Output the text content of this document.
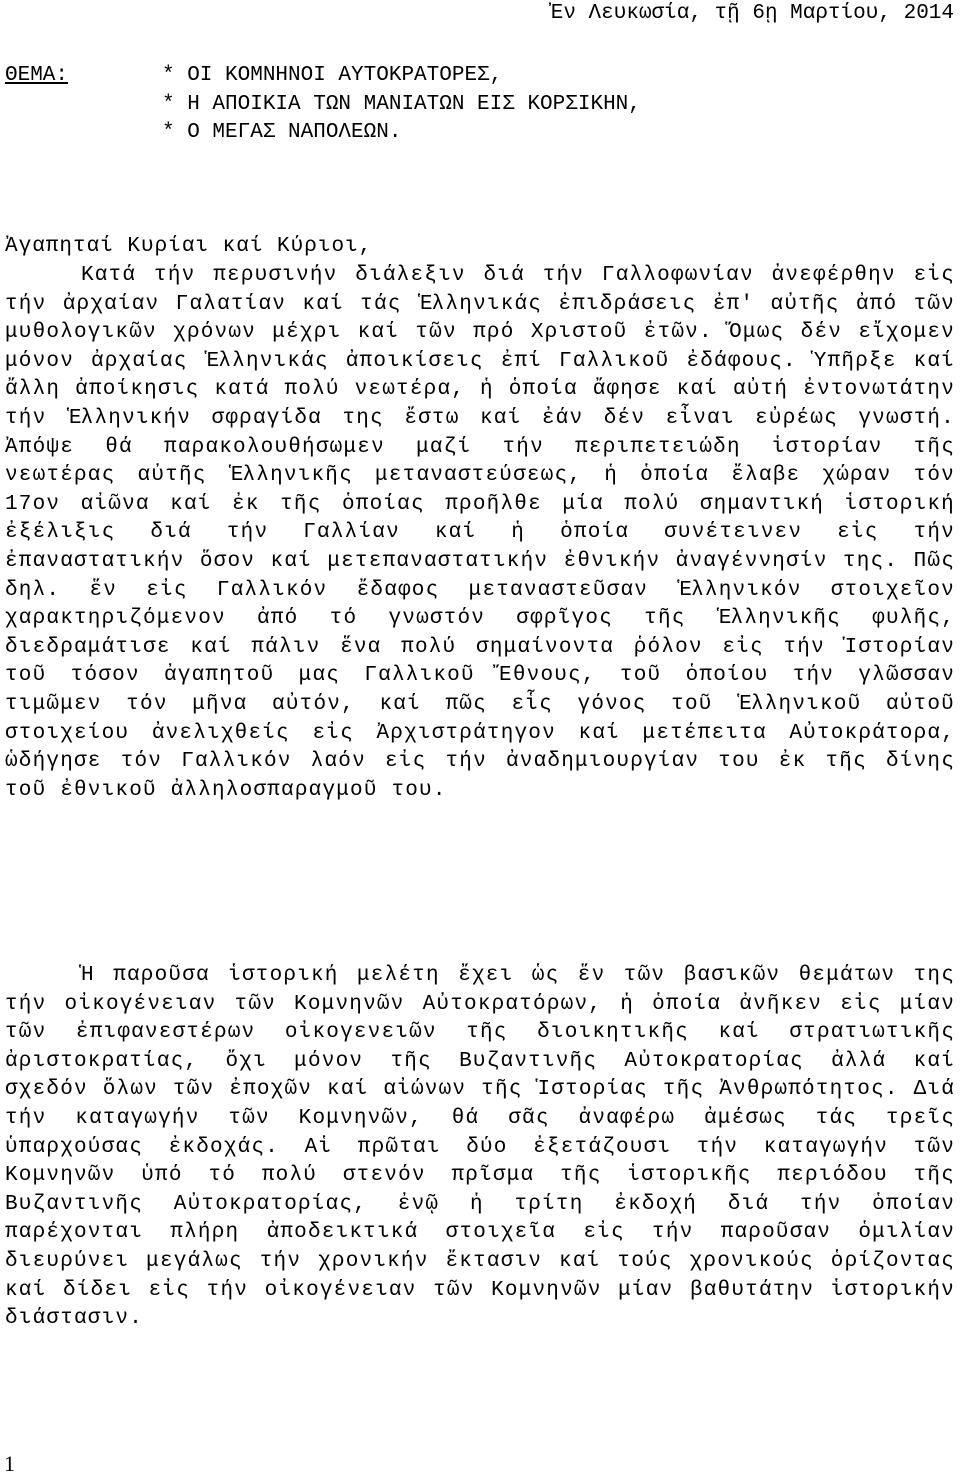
Ἐν Λευκωσία, τῇ 6ῃ Μαρτίου, 2014
ΘΕΜΑ:	* ΟΙ ΚΟΜΝΗΝΟΙ ΑΥΤΟΚΡΑΤΟΡΕΣ,
* Η ΑΠΟΙΚΙΑ ΤΩΝ ΜΑΝΙΑΤΩΝ ΕΙΣ ΚΟΡΣΙΚΗΝ,
* Ο ΜΕΓΑΣ ΝΑΠΟΛΕΩΝ.
Ἀγαπηταί Κυρίαι καί Κύριοι,
Κατά τήν περυσινήν διάλεξιν διά τήν Γαλλοφωνίαν ἀνεφέρθην εἰς τήν ἀρχαίαν Γαλατίαν καί τάς Ἑλληνικάς ἐπιδράσεις ἐπ' αὐτῆς ἀπό τῶν μυθολογικῶν χρόνων μέχρι καί τῶν πρό Χριστοῦ ἐτῶν. Ὅμως δέν εἴχομεν μόνον ἀρχαίας Ἑλληνικάς ἀποικίσεις ἐπί Γαλλικοῦ ἐδάφους. Ὑπῆρξε καί ἄλλη ἀποίκησις κατά πολύ νεωτέρα, ἡ ὁποία ἄφησε καί αὐτή ἐντονωτάτην τήν Ἑλληνικήν σφραγίδα της ἔστω καί ἐάν δέν εἶναι εὐρέως γνωστή. Ἀπόψε θά παρακολουθήσωμεν μαζί τήν περιπετειώδη ἱστορίαν τῆς νεωτέρας αὐτῆς Ἑλληνικῆς μεταναστεύσεως, ἡ ὁποία ἔλαβε χώραν τόν 17ον αἰῶνα καί ἐκ τῆς ὁποίας προῆλθε μία πολύ σημαντική ἱστορική ἐξέλιξις διά τήν Γαλλίαν καί ἡ ὁποία συνέτεινεν εἰς τήν ἐπαναστατικήν ὅσον καί μετεπαναστατικήν ἐθνικήν ἀναγέννησίν της. Πῶς δηλ. ἕν εἰς Γαλλικόν ἔδαφος μεταναστεῦσαν Ἑλληνικόν στοιχεῖον χαρακτηριζόμενον ἀπό τό γνωστόν σφρῖγος τῆς Ἑλληνικῆς φυλῆς, διεδραμάτισε καί πάλιν ἕνα πολύ σημαίνοντα ῥόλον εἰς τήν Ἱστορίαν τοῦ τόσον ἀγαπητοῦ μας Γαλλικοῦ Ἔθνους, τοῦ ὁποίου τήν γλῶσσαν τιμῶμεν τόν μῆνα αὐτόν, καί πῶς εἷς γόνος τοῦ Ἑλληνικοῦ αὐτοῦ στοιχείου ἀνελιχθείς εἰς Ἀρχιστράτηγον καί μετέπειτα Αὐτοκράτορα, ὡδήγησε τόν Γαλλικόν λαόν εἰς τήν ἀναδημιουργίαν του ἐκ τῆς δίνης τοῦ ἐθνικοῦ ἀλληλοσπαραγμοῦ του.
Ἡ παροῦσα ἱστορική μελέτη ἔχει ὡς ἕν τῶν βασικῶν θεμάτων της τήν οἰκογένειαν τῶν Κομνηνῶν Αὐτοκρατόρων, ἡ ὁποία ἀνῆκεν εἰς μίαν τῶν ἐπιφανεστέρων οἰκογενειῶν τῆς διοικητικῆς καί στρατιωτικῆς ἀριστοκρατίας, ὄχι μόνον τῆς Βυζαντινῆς Αὐτοκρατορίας ἀλλά καί σχεδόν ὅλων τῶν ἐποχῶν καί αἰώνων τῆς Ἱστορίας τῆς Ἀνθρωπότητος. Διά τήν καταγωγήν τῶν Κομνηνῶν, θά σᾶς ἀναφέρω ἀμέσως τάς τρεῖς ὑπαρχούσας ἐκδοχάς. Αἱ πρῶται δύο ἐξετάζουσι τήν καταγωγήν τῶν Κομνηνῶν ὑπό τό πολύ στενόν πρῖσμα τῆς ἱστορικῆς περιόδου τῆς Βυζαντινῆς Αὐτοκρατορίας, ἐνῷ ἡ τρίτη ἐκδοχή διά τήν ὁποίαν παρέχονται πλήρη ἀποδεικτικά στοιχεῖα εἰς τήν παροῦσαν ὁμιλίαν διευρύνει μεγάλως τήν χρονικήν ἔκτασιν καί τούς χρονικούς ὁρίζοντας καί δίδει εἰς τήν οἰκογένειαν τῶν Κομνηνῶν μίαν βαθυτάτην ἱστορικήν διάστασιν.
1
